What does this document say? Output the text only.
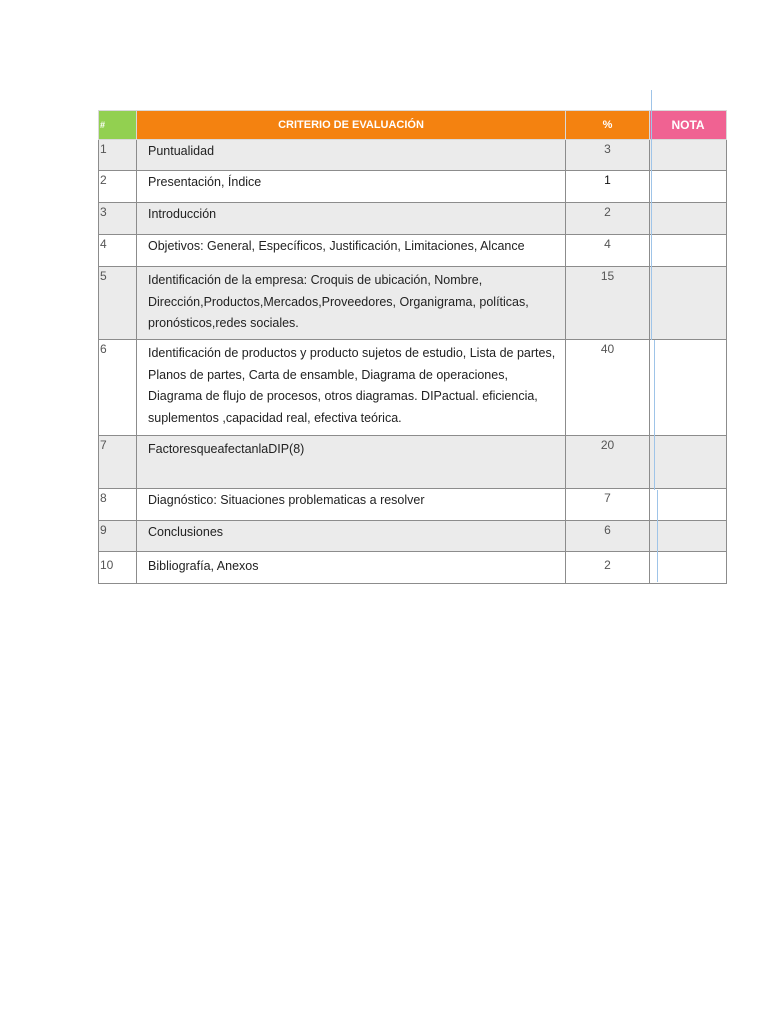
#	CRITERIO DE EVALUACIÓN	%	NOTA
1	Puntualidad	3	
2	Presentación, Índice	1	
3	Introducción	2	
4	Objetivos: General, Específicos, Justificación, Limitaciones, Alcance	4	
5	Identificación de la empresa: Croquis de ubicación, Nombre, Dirección,Productos,Mercados,Proveedores, Organigrama, políticas, pronósticos,redes sociales.	15	
6	Identificación de productos y producto sujetos de estudio, Lista de partes, Planos de partes, Carta de ensamble, Diagrama de operaciones, Diagrama de flujo de procesos, otros diagramas. DIPactual. eficiencia, suplementos ,capacidad real, efectiva teórica.	40	
7	FactoresqueafectanlaDIP(8)	20	
8	Diagnóstico: Situaciones problematicas a resolver	7	
9	Conclusiones	6	
10	Bibliografía, Anexos	2	
